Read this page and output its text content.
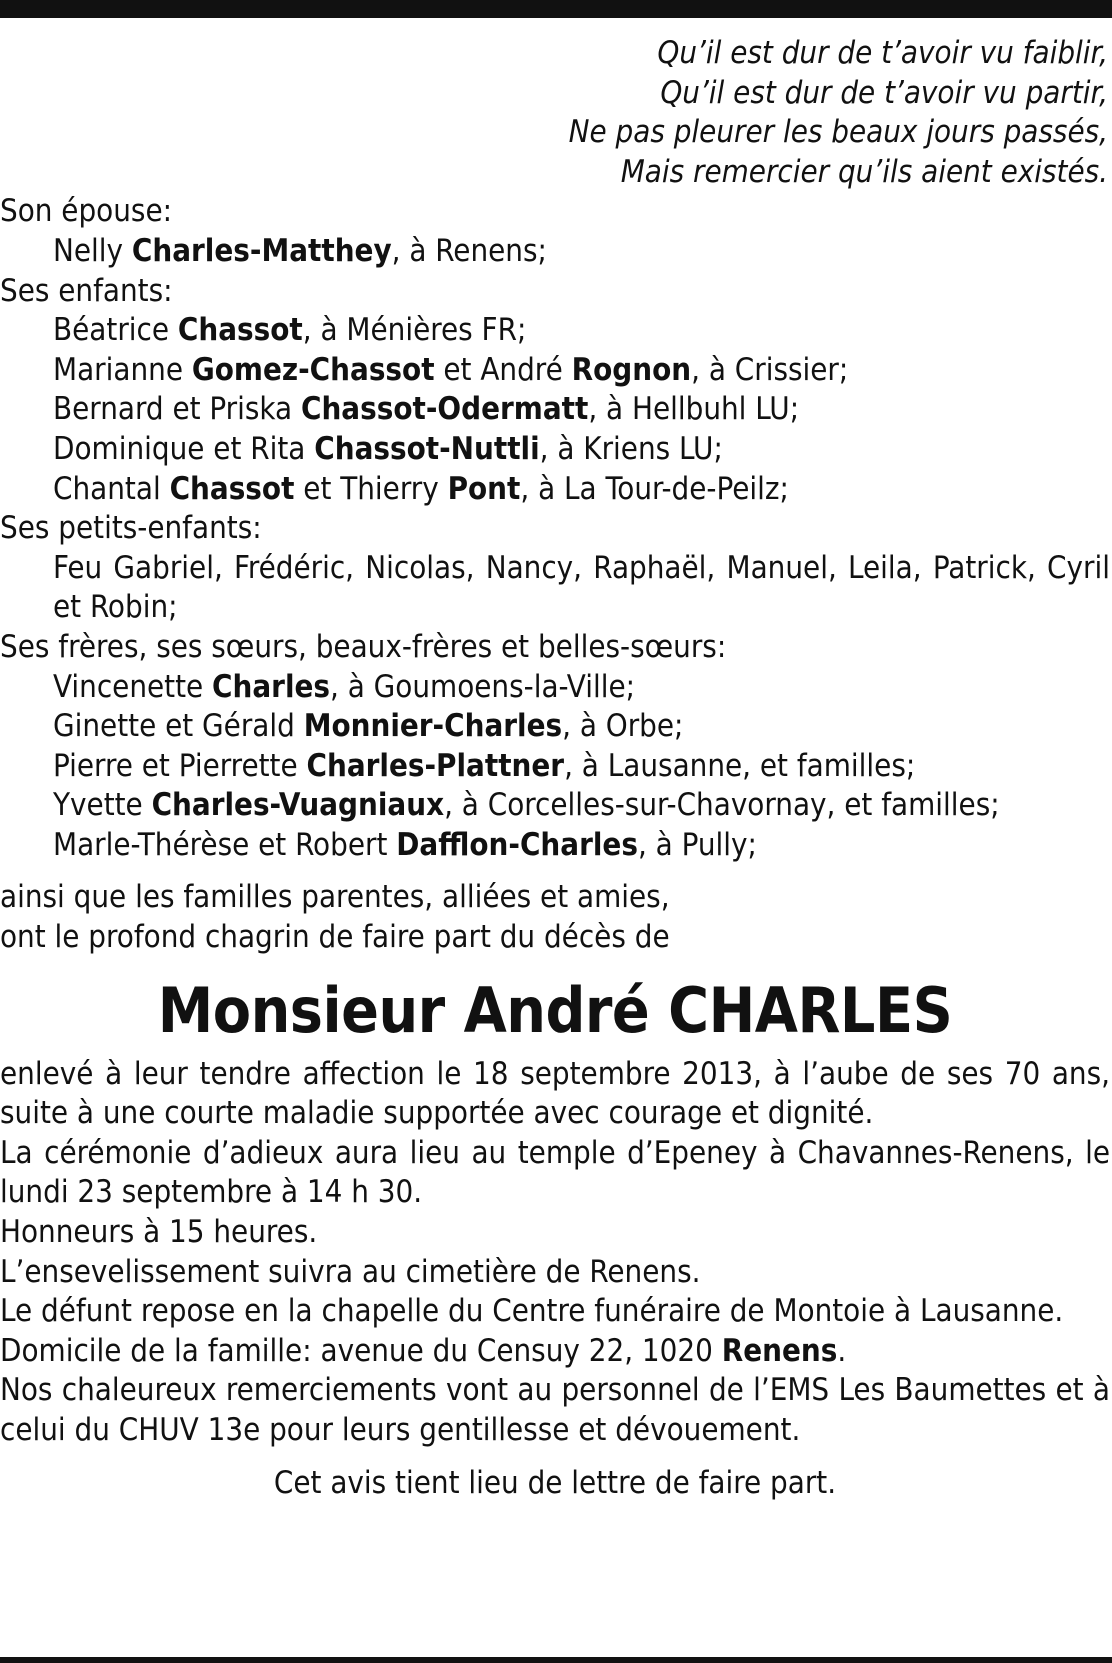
Qu’il est dur de t’avoir vu faiblir,
Qu’il est dur de t’avoir vu partir,
Ne pas pleurer les beaux jours passés,
Mais remercier qu’ils aient existés.
Son épouse:
Nelly Charles-Matthey, à Renens;
Ses enfants:
Béatrice Chassot, à Ménières FR;
Marianne Gomez-Chassot et André Rognon, à Crissier;
Bernard et Priska Chassot-Odermatt, à Hellbuhl LU;
Dominique et Rita Chassot-Nuttli, à Kriens LU;
Chantal Chassot et Thierry Pont, à La Tour-de-Peilz;
Ses petits-enfants:
Feu Gabriel, Frédéric, Nicolas, Nancy, Raphaël, Manuel, Leila, Patrick, Cyril et Robin;
Ses frères, ses sœurs, beaux-frères et belles-sœurs:
Vincenette Charles, à Goumoens-la-Ville;
Ginette et Gérald Monnier-Charles, à Orbe;
Pierre et Pierrette Charles-Plattner, à Lausanne, et familles;
Yvette Charles-Vuagniaux, à Corcelles-sur-Chavornay, et familles;
Marle-Thérèse et Robert Dafflon-Charles, à Pully;
ainsi que les familles parentes, alliées et amies,
ont le profond chagrin de faire part du décès de
Monsieur André CHARLES
enlevé à leur tendre affection le 18 septembre 2013, à l’aube de ses 70 ans, suite à une courte maladie supportée avec courage et dignité.
La cérémonie d’adieux aura lieu au temple d’Epeney à Chavannes-Renens, le lundi 23 septembre à 14 h 30.
Honneurs à 15 heures.
L’ensevelissement suivra au cimetière de Renens.
Le défunt repose en la chapelle du Centre funéraire de Montoie à Lausanne.
Domicile de la famille: avenue du Censuy 22, 1020 Renens.
Nos chaleureux remerciements vont au personnel de l’EMS Les Baumettes et à celui du CHUV 13e pour leurs gentillesse et dévouement.
Cet avis tient lieu de lettre de faire part.
